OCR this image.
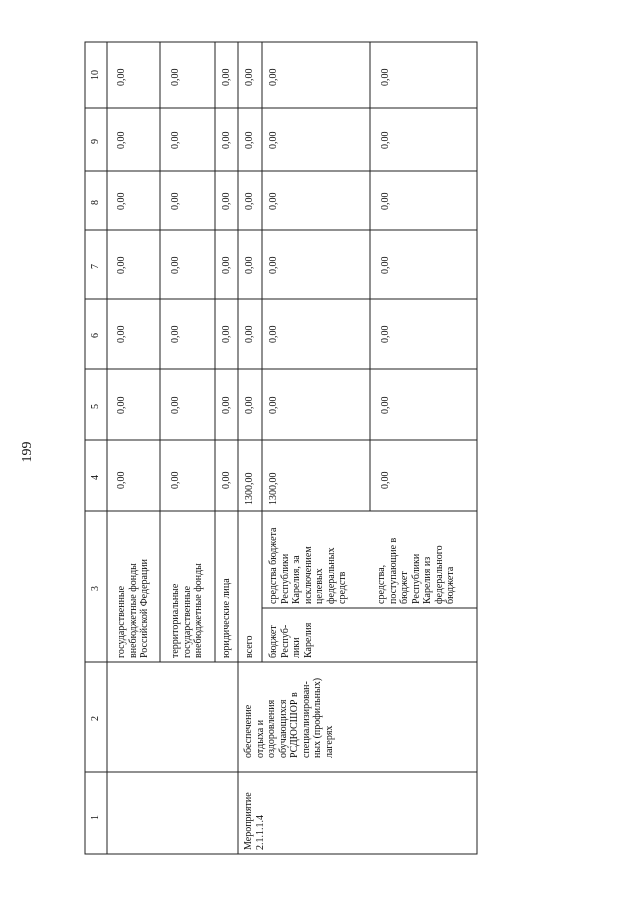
199
1
2
3
4
5
6
7
8
9
10
государственные
внебюджетные фонды
Российской Федерации
0,00
0,00
0,00
0,00
0,00
0,00
0,00
территориальные
государственные
внебюджетные фонды
0,00
0,00
0,00
0,00
0,00
0,00
0,00
юридические лица
0,00
0,00
0,00
0,00
0,00
0,00
0,00
Мероприятие
2.1.1.1.4
обеспечение
отдыха и
оздоровления
обучающихся
РСДЮСШОР в
специализирован-
ных (профильных)
лагерях
всего
1300,00
0,00
0,00
0,00
0,00
0,00
0,00
бюджет
Респуб-
лики
Карелия
средства бюджета
Республики
Карелия, за
исключением
целевых
федеральных
средств
1300,00
0,00
0,00
0,00
0,00
0,00
0,00
средства,
поступающие в
бюджет
Республики
Карелия из
федерального
бюджета
0,00
0,00
0,00
0,00
0,00
0,00
0,00
